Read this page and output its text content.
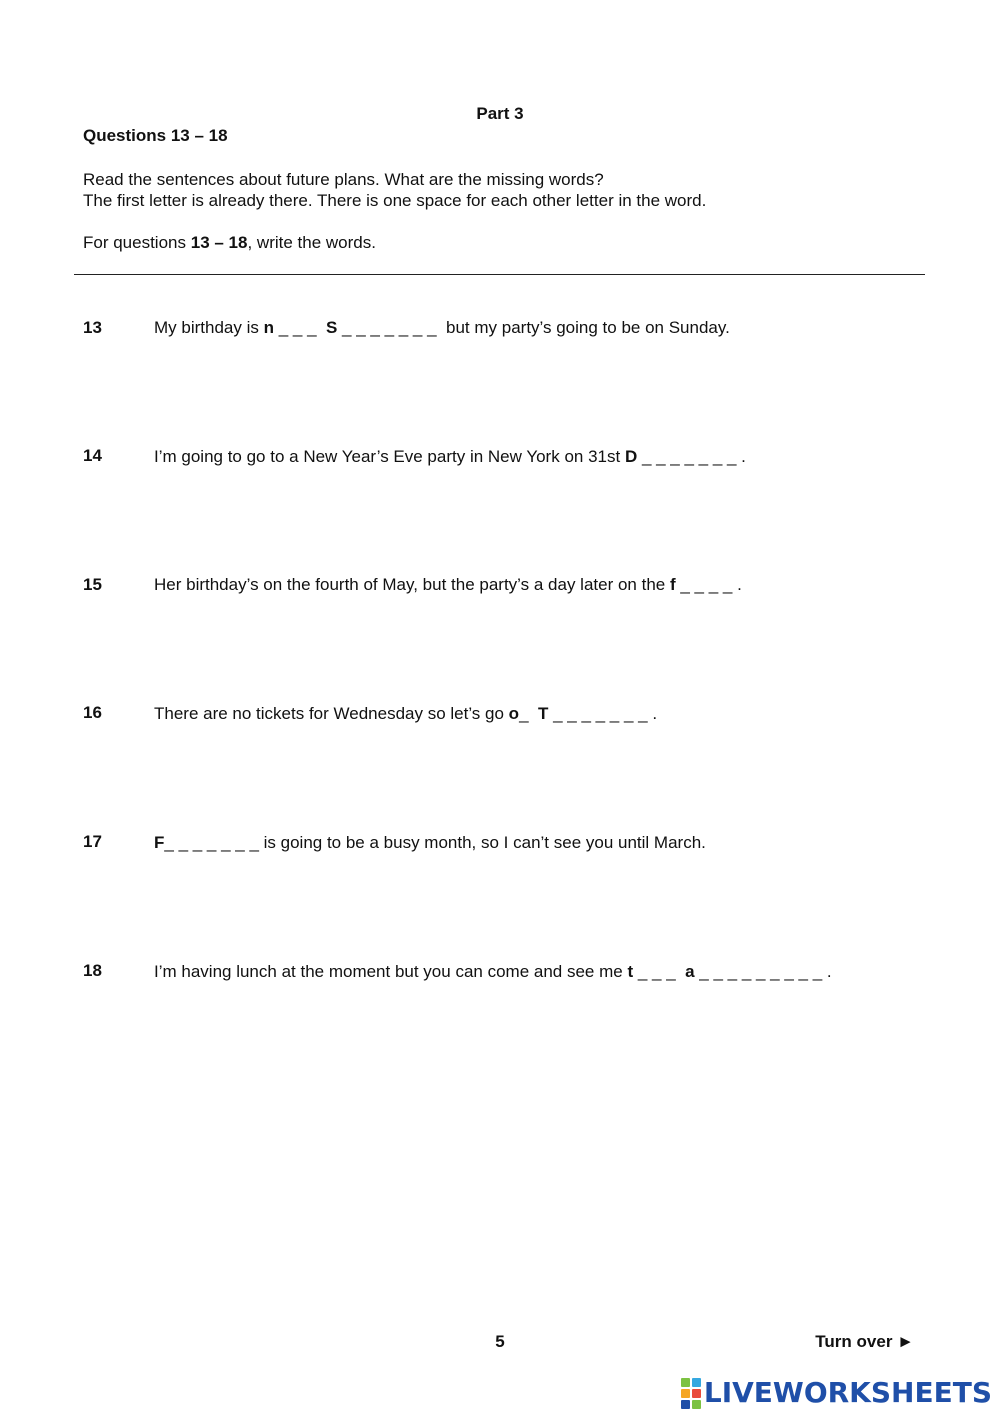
Part 3
Questions 13 – 18
Read the sentences about future plans. What are the missing words?
The first letter is already there. There is one space for each other letter in the word.
For questions 13 – 18, write the words.
13	My birthday is n _ _ _  S _ _ _ _ _ _ _  but my party’s going to be on Sunday.
14	I’m going to go to a New Year’s Eve party in New York on 31st D _ _ _ _ _ _ _ .
15	Her birthday’s on the fourth of May, but the party’s a day later on the f _ _ _ _ .
16	There are no tickets for Wednesday so let’s go o_  T _ _ _ _ _ _ _ .
17	F_ _ _ _ _ _ _ is going to be a busy month, so I can’t see you until March.
18	I’m having lunch at the moment but you can come and see me t _ _ _  a _ _ _ _ _ _ _ _ _ .
5	Turn over ►
LIVEWORKSHEETS
